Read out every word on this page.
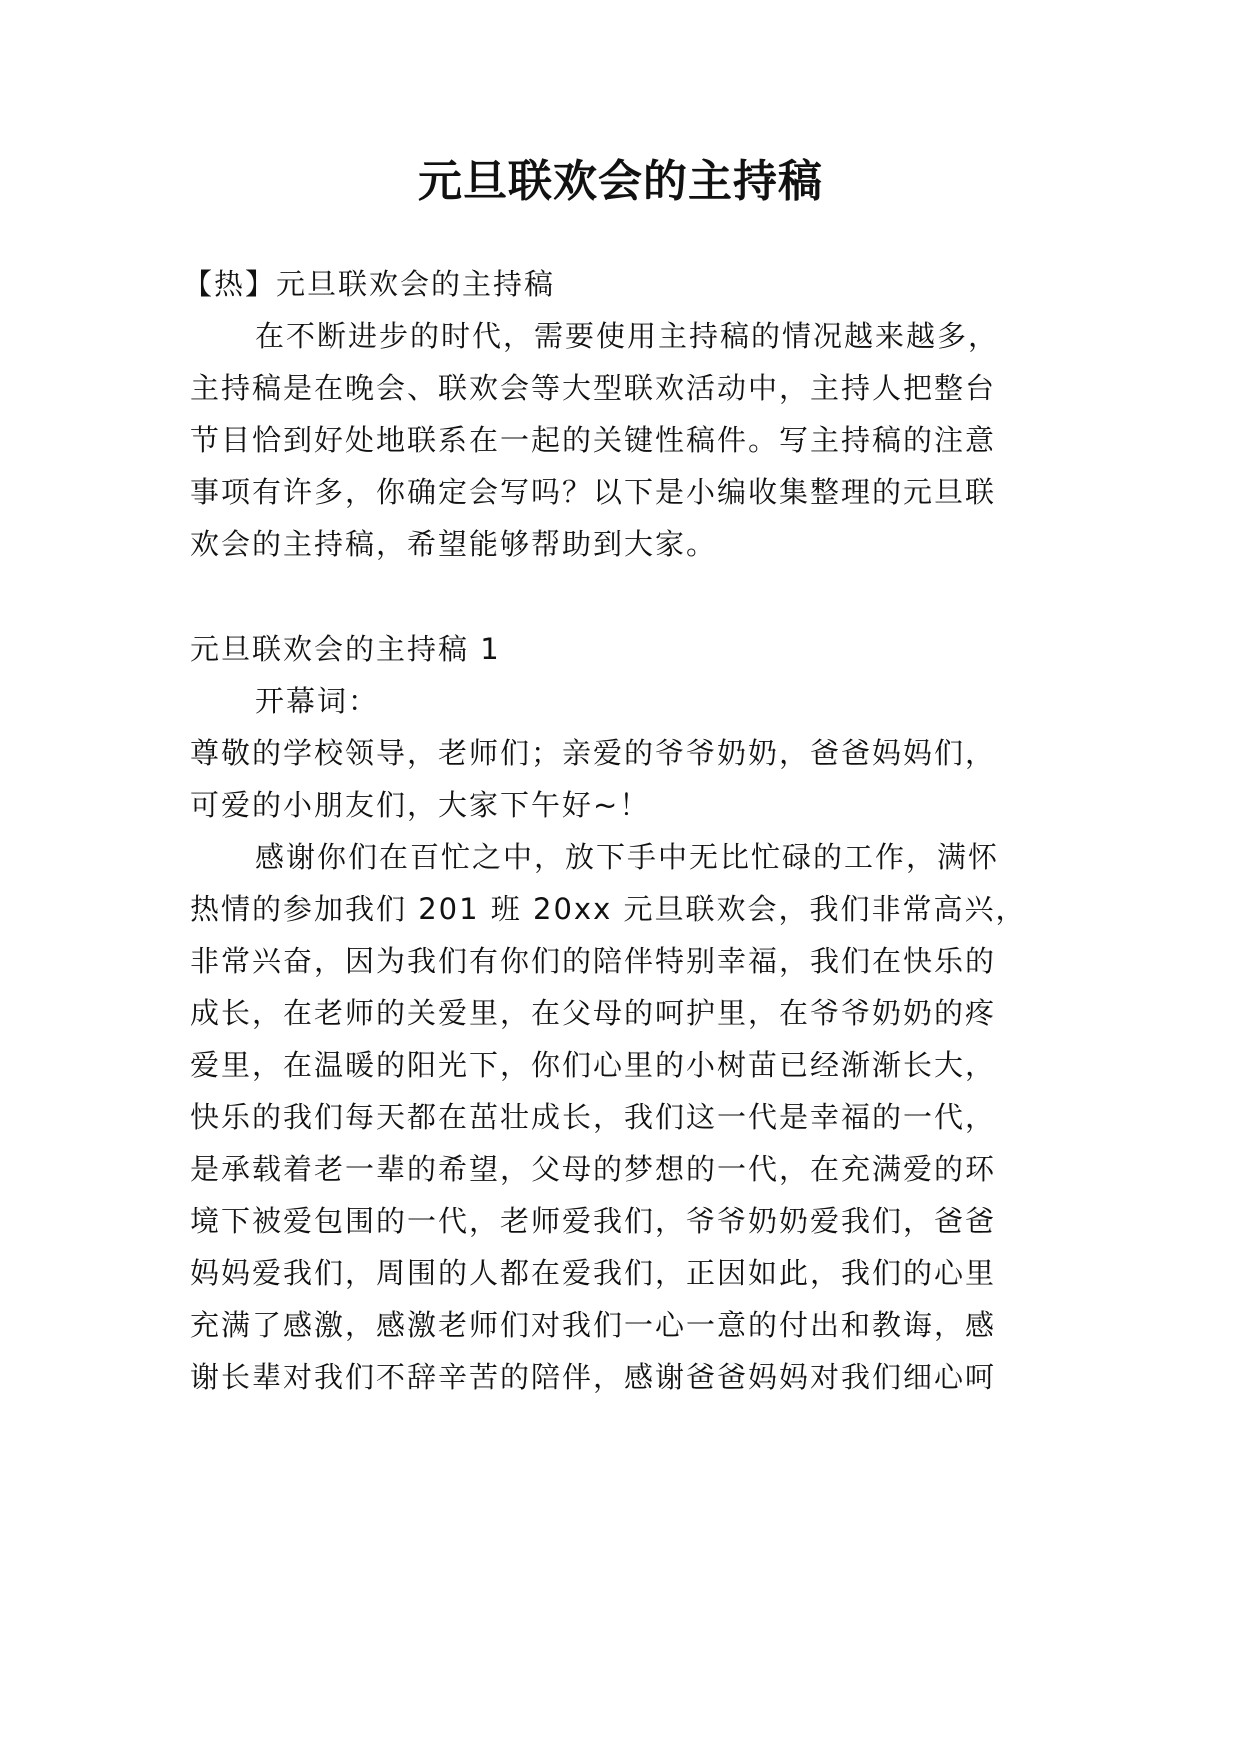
元旦联欢会的主持稿

【热】元旦联欢会的主持稿

在不断进步的时代，需要使用主持稿的情况越来越多，

主持稿是在晚会、联欢会等大型联欢活动中，主持人把整台

节目恰到好处地联系在一起的关键性稿件。写主持稿的注意

事项有许多，你确定会写吗？以下是小编收集整理的元旦联

欢会的主持稿，希望能够帮助到大家。

元旦联欢会的主持稿 1

开幕词：

尊敬的学校领导，老师们；亲爱的爷爷奶奶，爸爸妈妈们，

可爱的小朋友们，大家下午好~！

感谢你们在百忙之中，放下手中无比忙碌的工作，满怀

热情的参加我们 201 班 20xx 元旦联欢会，我们非常高兴，

非常兴奋，因为我们有你们的陪伴特别幸福，我们在快乐的

成长，在老师的关爱里，在父母的呵护里，在爷爷奶奶的疼

爱里，在温暖的阳光下，你们心里的小树苗已经渐渐长大，

快乐的我们每天都在茁壮成长，我们这一代是幸福的一代，

是承载着老一辈的希望，父母的梦想的一代，在充满爱的环

境下被爱包围的一代，老师爱我们，爷爷奶奶爱我们，爸爸

妈妈爱我们，周围的人都在爱我们，正因如此，我们的心里

充满了感激，感激老师们对我们一心一意的付出和教诲，感

谢长辈对我们不辞辛苦的陪伴，感谢爸爸妈妈对我们细心呵
